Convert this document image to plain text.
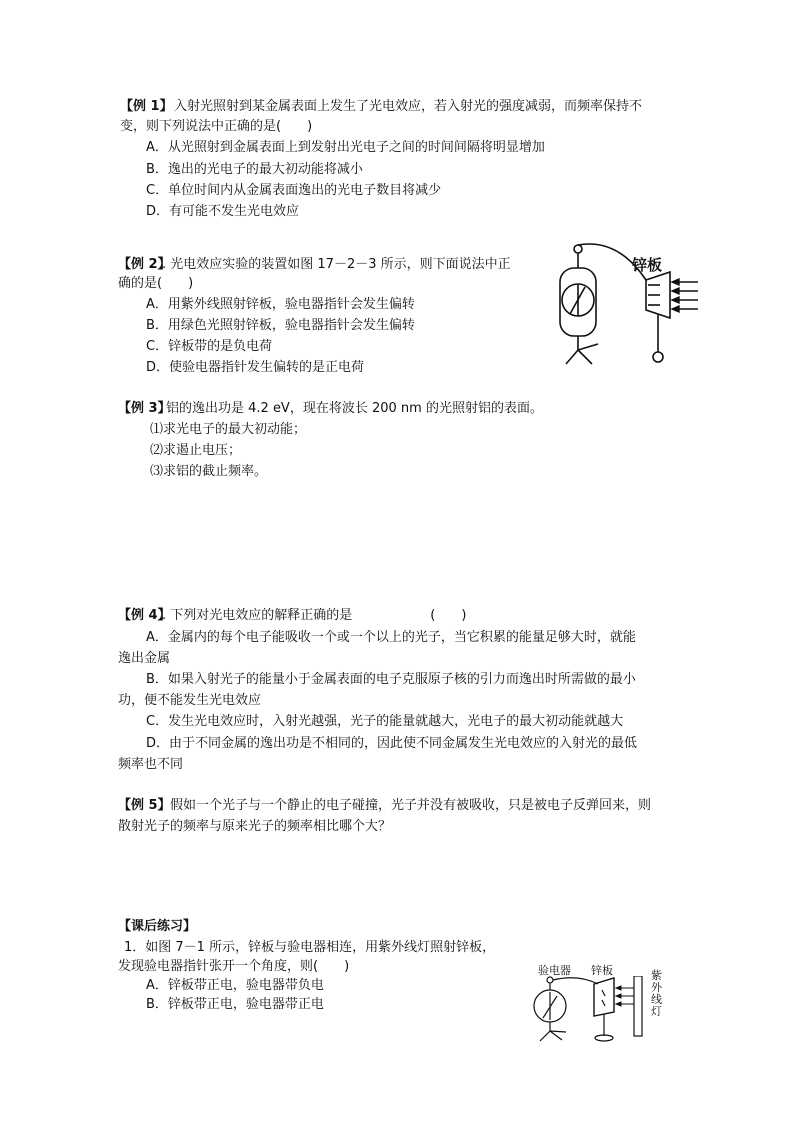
【例 1】 入射光照射到某金属表面上发生了光电效应，若入射光的强度减弱，而频率保持不
变，则下列说法中正确的是(　　)
A．从光照射到金属表面上到发射出光电子之间的时间间隔将明显增加
B．逸出的光电子的最大初动能将减小
C．单位时间内从金属表面逸出的光电子数目将减少
D．有可能不发生光电效应
【例 2】
. 光电效应实验的装置如图 17－2－3 所示，则下面说法中正
确的是(　　)
A．用紫外线照射锌板，验电器指针会发生偏转
B．用绿色光照射锌板，验电器指针会发生偏转
C．锌板带的是负电荷
D．使验电器指针发生偏转的是正电荷
锌板
【例 3】
铝的逸出功是 4.2 eV，现在将波长 200 nm 的光照射铝的表面。
⑴求光电子的最大初动能；
⑵求遏止电压；
⑶求铝的截止频率。
【例 4】
. 下列对光电效应的解释正确的是　　　　　　(　　)
A．金属内的每个电子能吸收一个或一个以上的光子，当它积累的能量足够大时，就能
逸出金属
B．如果入射光子的能量小于金属表面的电子克服原子核的引力而逸出时所需做的最小
功，便不能发生光电效应
C．发生光电效应时，入射光越强，光子的能量就越大，光电子的最大初动能就越大
D．由于不同金属的逸出功是不相同的，因此使不同金属发生光电效应的入射光的最低
频率也不同
【例 5】 假如一个光子与一个静止的电子碰撞，光子并没有被吸收，只是被电子反弹回来，则
散射光子的频率与原来光子的频率相比哪个大？
【课后练习】
1．如图 7－1 所示，锌板与验电器相连，用紫外线灯照射锌板，
发现验电器指针张开一个角度，则(　　)
A．锌板带正电，验电器带负电
B．锌板带正电，验电器带正电
验电器 锌板	紫外线灯
